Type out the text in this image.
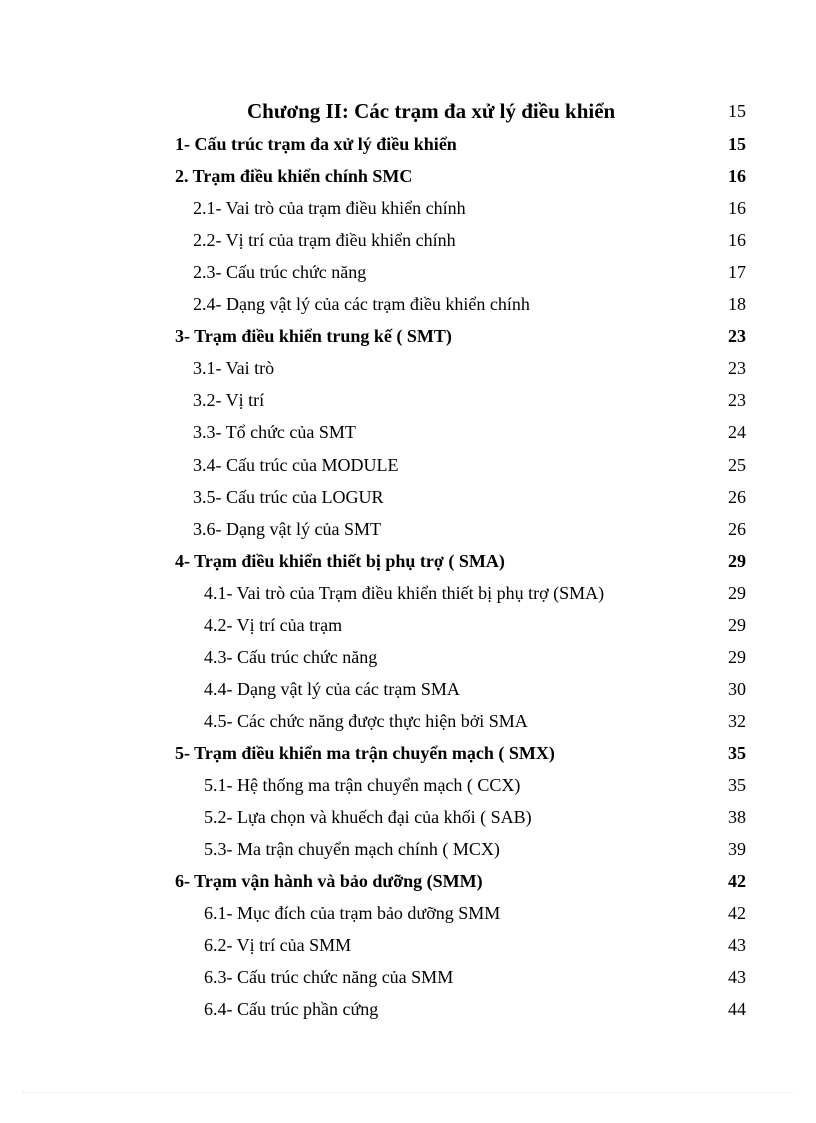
Chương II: Các trạm đa xử lý điều khiển	15
1- Cấu trúc trạm đa xử lý điều khiển	15
2. Trạm điều khiển chính SMC	16
2.1- Vai trò của trạm điều khiển chính	16
2.2- Vị trí của trạm điều khiển chính	16
2.3- Cấu trúc chức năng	17
2.4- Dạng vật lý của các trạm điều khiển chính	18
3- Trạm điều khiển trung kế ( SMT)	23
3.1- Vai trò	23
3.2- Vị trí	23
3.3- Tổ chức của SMT	24
3.4- Cấu trúc của MODULE	25
3.5- Cấu trúc của LOGUR	26
3.6- Dạng vật lý của SMT	26
4- Trạm điều khiển thiết bị phụ trợ ( SMA)	29
4.1- Vai trò của Trạm điều khiển thiết bị phụ trợ (SMA)	29
4.2- Vị trí của trạm	29
4.3- Cấu trúc chức năng	29
4.4- Dạng vật lý của các trạm SMA	30
4.5- Các chức năng được thực hiện bởi SMA	32
5- Trạm điều khiển ma trận chuyển mạch ( SMX)	35
5.1- Hệ thống ma trận chuyển mạch ( CCX)	35
5.2- Lựa chọn và khuếch đại của khối ( SAB)	38
5.3- Ma trận chuyển mạch chính ( MCX)	39
6- Trạm vận hành và bảo dưỡng (SMM)	42
6.1- Mục đích của trạm bảo dưỡng SMM	42
6.2- Vị trí của SMM	43
6.3- Cấu trúc chức năng của SMM	43
6.4- Cấu trúc phần cứng	44
